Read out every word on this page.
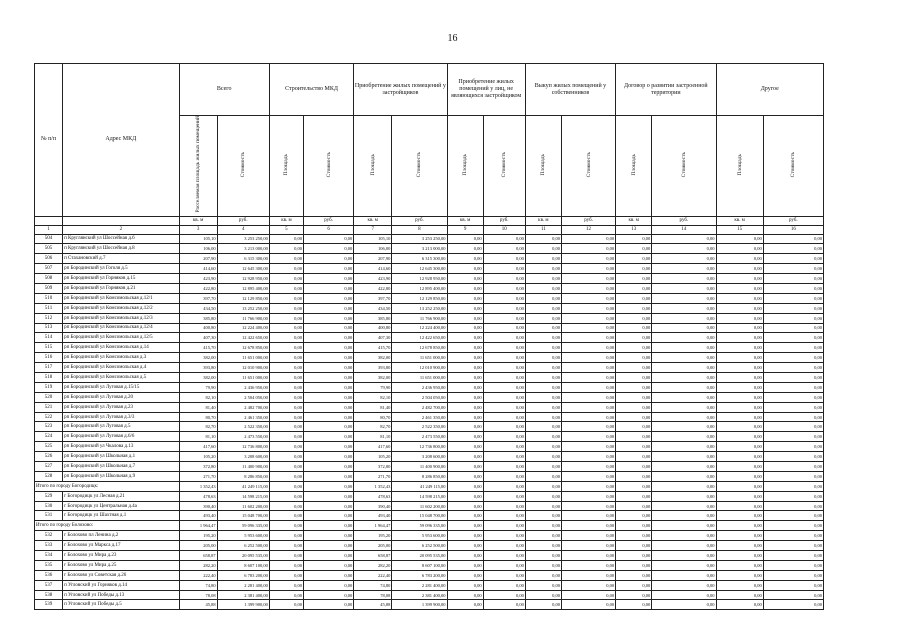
16
№ п/п	Адрес МКД	Всего		Строительство МКД		Приобретение жилых помещений у застройщиков		Приобретение жилых помещений у лиц, не являющихся застройщиком		Выкуп жилых помещений у собственников		Договор о развитии застроенной территории		Другое	
		Расселяемая площадь жилых помещений	Стоимость	Площадь	Стоимость	Площадь	Стоимость	Площадь	Стоимость	Площадь	Стоимость	Площадь	Стоимость	Площадь	Стоимость
		кв. м	руб.	кв. м	руб.	кв. м	руб.	кв. м	руб.	кв. м	руб.	кв. м	руб.	кв. м	руб.
1	2	3	4	5	6	7	8	9	10	11	12	13	14	15	16
504	п Круглянский ул Шоссейная д.6	105,10	3 253 250,00	0,00	0,00	105,10	3 253 250,00	0,00	0,00	0,00	0,00	0,00	0,00	0,00	0,00
505	п Круглянский ул Шоссейная д.8	106,00	3 213 000,00	0,00	0,00	106,00	3 213 000,00	0,00	0,00	0,00	0,00	0,00	0,00	0,00	0,00
506	п Стахановский д.7	207,90	6 315 300,00	0,00	0,00	207,90	6 315 300,00	0,00	0,00	0,00	0,00	0,00	0,00	0,00	0,00
507	рп Бородинский ул Гоголя д.5	414,60	12 645 300,00	0,00	0,00	414,60	12 645 300,00	0,00	0,00	0,00	0,00	0,00	0,00	0,00	0,00
508	рп Бородинский ул Горняков д.15	423,90	12 928 950,00	0,00	0,00	423,90	12 928 950,00	0,00	0,00	0,00	0,00	0,00	0,00	0,00	0,00
509	рп Бородинский ул Горняков д.21	422,80	12 895 400,00	0,00	0,00	422,80	12 895 400,00	0,00	0,00	0,00	0,00	0,00	0,00	0,00	0,00
510	рп Бородинский ул Комсомольская д.12/1	397,70	12 129 850,00	0,00	0,00	397,70	12 129 850,00	0,00	0,00	0,00	0,00	0,00	0,00	0,00	0,00
511	рп Бородинский ул Комсомольская д.12/2	434,50	13 252 250,00	0,00	0,00	434,50	13 252 250,00	0,00	0,00	0,00	0,00	0,00	0,00	0,00	0,00
512	рп Бородинский ул Комсомольская д.12/3	385,80	11 766 900,00	0,00	0,00	385,80	11 766 900,00	0,00	0,00	0,00	0,00	0,00	0,00	0,00	0,00
513	рп Бородинский ул Комсомольская д.12/4	400,80	12 224 400,00	0,00	0,00	400,80	12 224 400,00	0,00	0,00	0,00	0,00	0,00	0,00	0,00	0,00
514	рп Бородинский ул Комсомольская д.12/5	407,30	12 422 650,00	0,00	0,00	407,30	12 422 650,00	0,00	0,00	0,00	0,00	0,00	0,00	0,00	0,00
515	рп Бородинский ул Комсомольская д.14	415,70	12 678 850,00	0,00	0,00	415,70	12 678 850,00	0,00	0,00	0,00	0,00	0,00	0,00	0,00	0,00
516	рп Бородинский ул Комсомольская д.3	382,00	11 651 000,00	0,00	0,00	382,00	11 651 000,00	0,00	0,00	0,00	0,00	0,00	0,00	0,00	0,00
517	рп Бородинский ул Комсомольская д.4	393,80	12 010 900,00	0,00	0,00	393,80	12 010 900,00	0,00	0,00	0,00	0,00	0,00	0,00	0,00	0,00
518	рп Бородинский ул Комсомольская д.5	382,00	11 651 000,00	0,00	0,00	382,00	11 651 000,00	0,00	0,00	0,00	0,00	0,00	0,00	0,00	0,00
519	рп Бородинский ул Луговая д.15/15	79,90	2 436 950,00	0,00	0,00	79,90	2 436 950,00	0,00	0,00	0,00	0,00	0,00	0,00	0,00	0,00
520	рп Бородинский ул Луговая д.20	82,10	2 504 050,00	0,00	0,00	82,10	2 504 050,00	0,00	0,00	0,00	0,00	0,00	0,00	0,00	0,00
521	рп Бородинский ул Луговая д.23	81,40	2 482 700,00	0,00	0,00	81,40	2 482 700,00	0,00	0,00	0,00	0,00	0,00	0,00	0,00	0,00
522	рп Бородинский ул Луговая д.3/3	80,70	2 461 350,00	0,00	0,00	80,70	2 461 350,00	0,00	0,00	0,00	0,00	0,00	0,00	0,00	0,00
523	рп Бородинский ул Луговая д.5	82,70	2 522 350,00	0,00	0,00	82,70	2 522 350,00	0,00	0,00	0,00	0,00	0,00	0,00	0,00	0,00
524	рп Бородинский ул Луговая д.6/6	81,10	2 473 550,00	0,00	0,00	81,10	2 473 550,00	0,00	0,00	0,00	0,00	0,00	0,00	0,00	0,00
525	рп Бородинский ул Чкалова д.13	417,60	12 736 800,00	0,00	0,00	417,60	12 736 800,00	0,00	0,00	0,00	0,00	0,00	0,00	0,00	0,00
526	рп Бородинский ул Школьная д.1	105,20	3 208 600,00	0,00	0,00	105,20	3 208 600,00	0,00	0,00	0,00	0,00	0,00	0,00	0,00	0,00
527	рп Бородинский ул Школьная д.7	372,80	11 400 900,00	0,00	0,00	372,80	11 400 900,00	0,00	0,00	0,00	0,00	0,00	0,00	0,00	0,00
528	рп Бородинский ул Школьная д.9	271,70	8 286 850,00	0,00	0,00	271,70	8 286 850,00	0,00	0,00	0,00	0,00	0,00	0,00	0,00	0,00
Итого по городу Богородицк:		1 352,43	41 249 115,00	0,00	0,00	1 352,43	41 249 115,00	0,00	0,00	0,00	0,00	0,00	0,00	0,00	0,00
529	г Богородицк ул Лесная д.21	478,63	14 598 215,00	0,00	0,00	478,63	14 598 215,00	0,00	0,00	0,00	0,00	0,00	0,00	0,00	0,00
530	г Богородицк ул Центральная д.4а	390,40	11 602 200,00	0,00	0,00	390,40	11 602 200,00	0,00	0,00	0,00	0,00	0,00	0,00	0,00	0,00
531	г Богородицк ул Шахтная д.1	493,40	15 048 700,00	0,00	0,00	493,40	15 048 700,00	0,00	0,00	0,00	0,00	0,00	0,00	0,00	0,00
Итого по городу Болохово:		1 964,47	59 096 335,00	0,00	0,00	1 964,47	59 096 335,00	0,00	0,00	0,00	0,00	0,00	0,00	0,00	0,00
532	г Болохово пл Ленина д.2	195,20	5 953 600,00	0,00	0,00	195,20	5 953 600,00	0,00	0,00	0,00	0,00	0,00	0,00	0,00	0,00
533	г Болохово ул Маркса д.17	205,00	6 252 500,00	0,00	0,00	205,00	6 252 500,00	0,00	0,00	0,00	0,00	0,00	0,00	0,00	0,00
534	г Болохово ул Мира д.23	658,87	20 095 535,00	0,00	0,00	658,87	20 095 535,00	0,00	0,00	0,00	0,00	0,00	0,00	0,00	0,00
535	г Болохово ул Мира д.25	282,20	8 607 100,00	0,00	0,00	282,20	8 607 100,00	0,00	0,00	0,00	0,00	0,00	0,00	0,00	0,00
536	г Болохово ул Советская д.26	222,40	6 783 200,00	0,00	0,00	222,40	6 783 200,00	0,00	0,00	0,00	0,00	0,00	0,00	0,00	0,00
537	п Угловский ул Горняков д.14	74,80	2 281 400,00	0,00	0,00	74,80	2 281 400,00	0,00	0,00	0,00	0,00	0,00	0,00	0,00	0,00
538	п Угловский ул Победы д.13	78,08	2 381 400,00	0,00	0,00	78,08	2 381 400,00	0,00	0,00	0,00	0,00	0,00	0,00	0,00	0,00
539	п Угловский ул Победы д.5	45,88	1 399 900,00	0,00	0,00	45,88	1 399 900,00	0,00	0,00	0,00	0,00	0,00	0,00	0,00	0,00
